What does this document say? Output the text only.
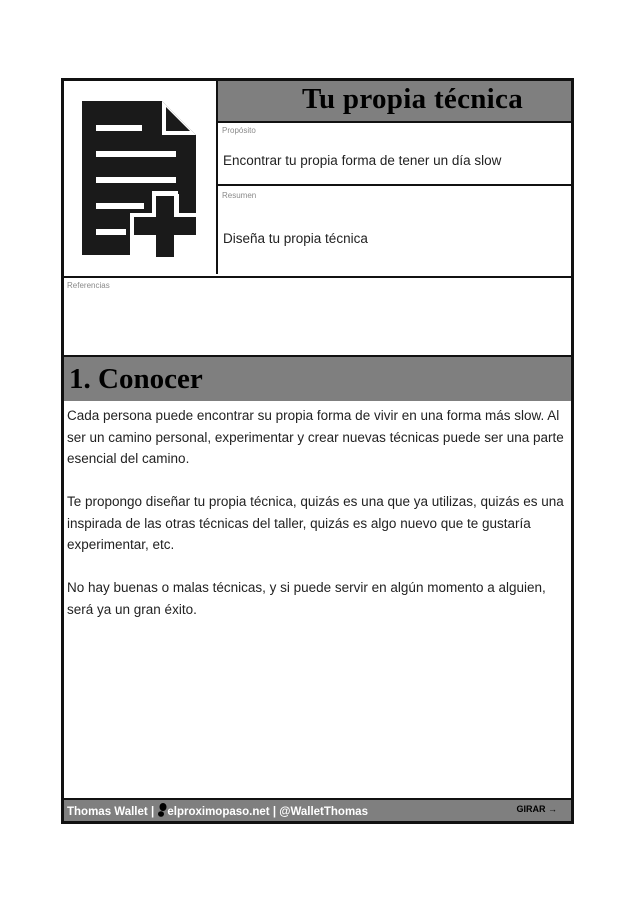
Tu propia técnica
Propósito
Encontrar tu propia forma de tener un día slow
Resumen
Diseña tu propia técnica
Referencias
1. Conocer

Cada persona puede encontrar su propia forma de vivir en una forma más slow. Al ser un camino personal, experimentar y crear nuevas técnicas puede ser una parte esencial del camino.

Te propongo diseñar tu propia técnica, quizás es una que ya utilizas, quizás es una inspirada de las otras técnicas del taller, quizás es algo nuevo que te gustaría experimentar, etc.

No hay buenas o malas técnicas, y si puede servir en algún momento a alguien, será ya un gran éxito.

Thomas Wallet | elproximopaso.net | @WalletThomas	GIRAR →
